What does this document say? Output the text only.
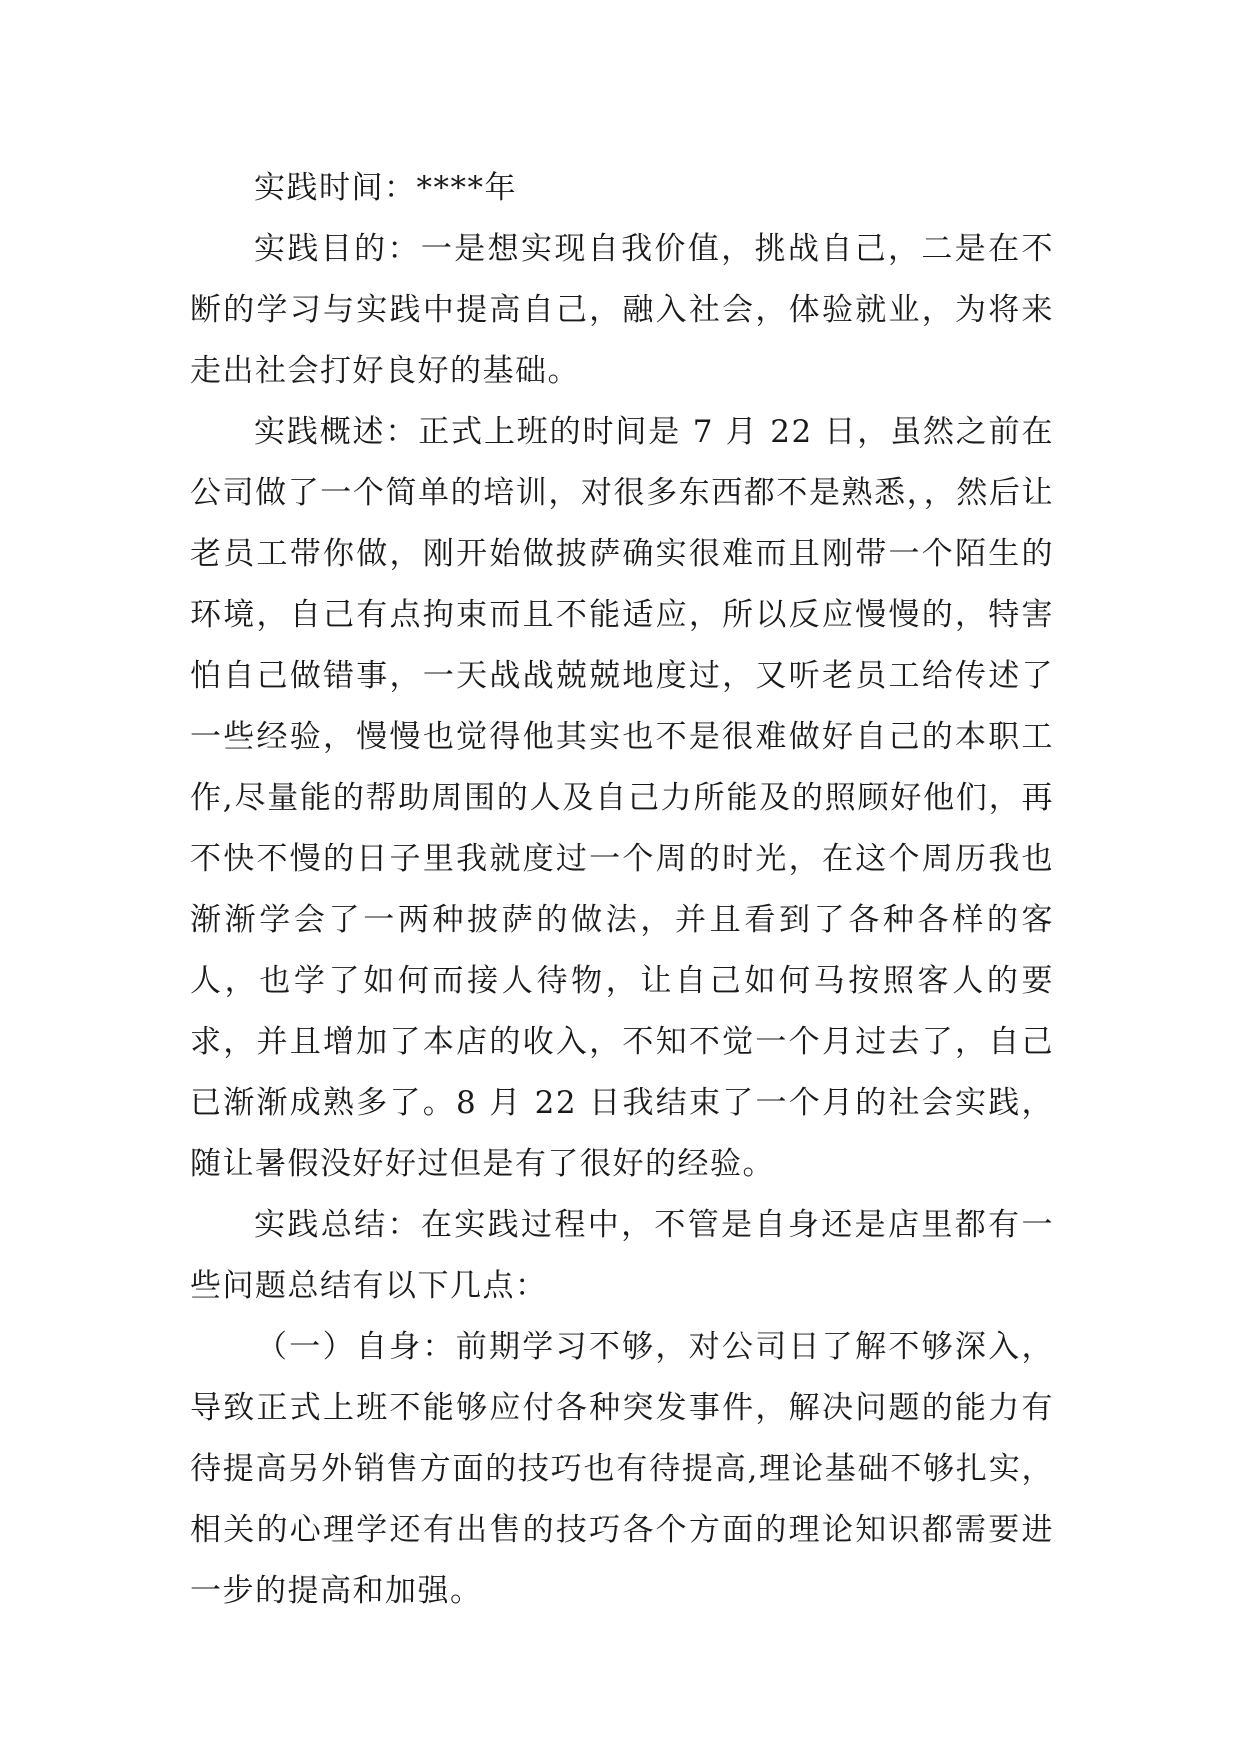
实践时间：****年

实践目的：一是想实现自我价值，挑战自己，二是在不断的学习与实践中提高自己，融入社会，体验就业，为将来走出社会打好良好的基础。

实践概述：正式上班的时间是 7 月 22 日，虽然之前在公司做了一个简单的培训，对很多东西都不是熟悉，，然后让老员工带你做，刚开始做披萨确实很难而且刚带一个陌生的环境，自己有点拘束而且不能适应，所以反应慢慢的，特害怕自己做错事，一天战战兢兢地度过，又听老员工给传述了一些经验，慢慢也觉得他其实也不是很难做好自己的本职工作,尽量能的帮助周围的人及自己力所能及的照顾好他们，再不快不慢的日子里我就度过一个周的时光，在这个周历我也渐渐学会了一两种披萨的做法，并且看到了各种各样的客人，也学了如何而接人待物，让自己如何马按照客人的要求，并且增加了本店的收入，不知不觉一个月过去了，自己已渐渐成熟多了。8 月 22 日我结束了一个月的社会实践，随让暑假没好好过但是有了很好的经验。

实践总结：在实践过程中，不管是自身还是店里都有一些问题总结有以下几点：

（一）自身：前期学习不够，对公司日了解不够深入，导致正式上班不能够应付各种突发事件，解决问题的能力有待提高另外销售方面的技巧也有待提高,理论基础不够扎实，相关的心理学还有出售的技巧各个方面的理论知识都需要进一步的提高和加强。
